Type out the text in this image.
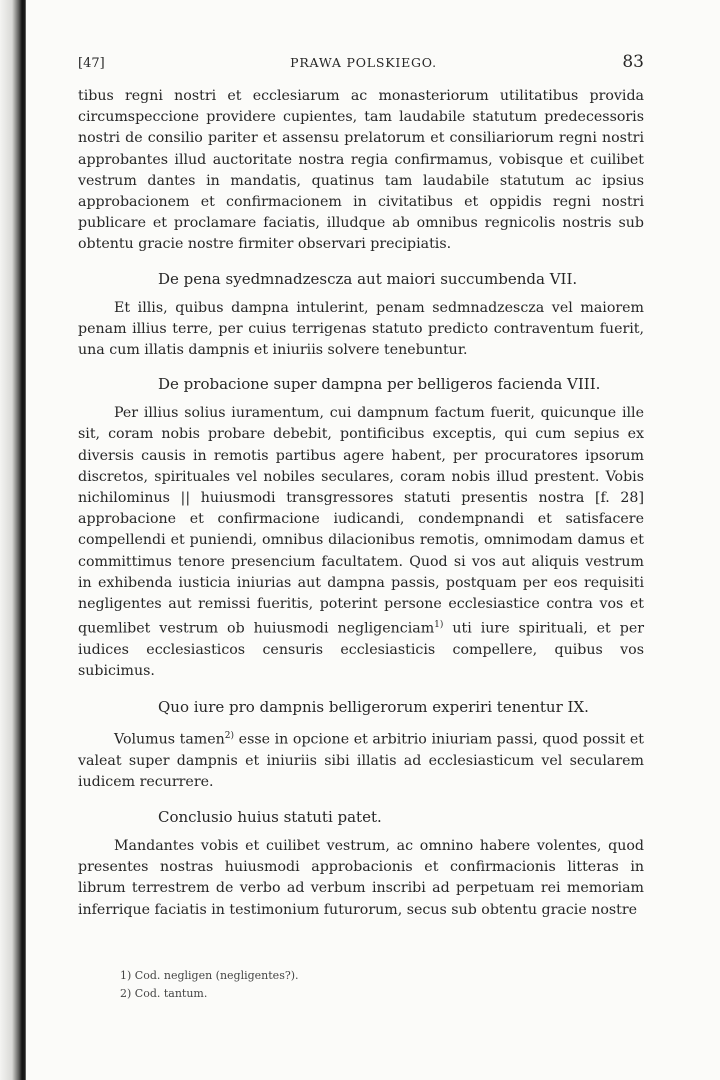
[47]	PRAWA POLSKIEGO.	83

tibus regni nostri et ecclesiarum ac monasteriorum utilitatibus provida circumspeccione providere cupientes, tam laudabile statutum predecessoris nostri de consilio pariter et assensu prelatorum et consiliariorum regni nostri approbantes illud auctoritate nostra regia confirmamus, vobisque et cuilibet vestrum dantes in mandatis, quatinus tam laudabile statutum ac ipsius approbacionem et confirmacionem in civitatibus et oppidis regni nostri publicare et proclamare faciatis, illudque ab omnibus regnicolis nostris sub obtentu gracie nostre firmiter observari precipiatis.

De pena syedmnadzescza aut maiori succumbenda VII.

Et illis, quibus dampna intulerint, penam sedmnadzescza vel maiorem penam illius terre, per cuius terrigenas statuto predicto contraventum fuerit, una cum illatis dampnis et iniuriis solvere tenebuntur.

De probacione super dampna per belligeros facienda VIII.

Per illius solius iuramentum, cui dampnum factum fuerit, quicunque ille sit, coram nobis probare debebit, pontificibus exceptis, qui cum sepius ex diversis causis in remotis partibus agere habent, per procuratores ipsorum discretos, spirituales vel nobiles seculares, coram nobis illud prestent. Vobis nichilominus || huiusmodi transgressores statuti presentis nostra [f. 28] approbacione et confirmacione iudicandi, condempnandi et satisfacere compellendi et puniendi, omnibus dilacionibus remotis, omnimodam damus et committimus tenore presencium facultatem. Quod si vos aut aliquis vestrum in exhibenda iusticia iniurias aut dampna passis, postquam per eos requisiti negligentes aut remissi fueritis, poterint persone ecclesiastice contra vos et quemlibet vestrum ob huiusmodi negligenciam$^{1)}$ uti iure spirituali, et per iudices ecclesiasticos censuris ecclesiasticis compellere, quibus vos subicimus.

Quo iure pro dampnis belligerorum experiri tenentur IX.

Volumus tamen$^{2)}$ esse in opcione et arbitrio iniuriam passi, quod possit et valeat super dampnis et iniuriis sibi illatis ad ecclesiasticum vel secularem iudicem recurrere.

Conclusio huius statuti patet.

Mandantes vobis et cuilibet vestrum, ac omnino habere volentes, quod presentes nostras huiusmodi approbacionis et confirmacionis litteras in librum terrestrem de verbo ad verbum inscribi ad perpetuam rei memoriam inferrique faciatis in testimonium futurorum, secus sub obtentu gracie nostre

1) Cod. negligen (negligentes?).
2) Cod. tantum.
